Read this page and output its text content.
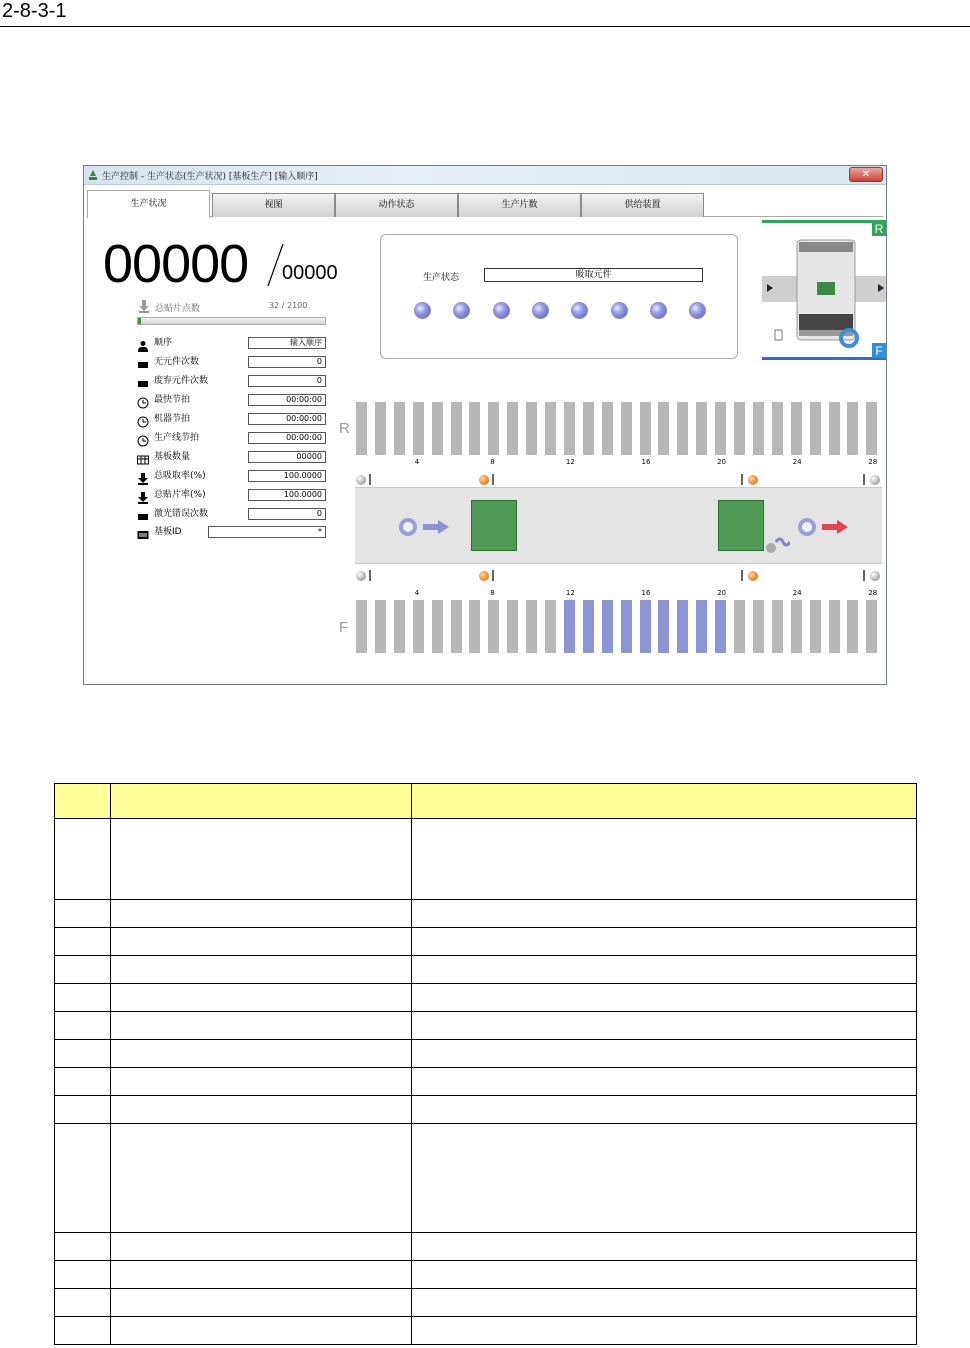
2-8-3-1
生产控制 - 生产状态(生产状况) [基板生产] [输入顺序]	✕
生产状况	视图	动作状态	生产片数	供给装置
00000 00000
总贴片点数	32 / 2100
顺序	输入顺序
无元件次数	0
废弃元件次数	0
最快节拍	00:00:00
机器节拍	00:00:00
生产线节拍	00:00:00
基板数量	00000
总吸取率(%)	100.0000
总贴片率(%)	100.0000
激光错误次数	0
基板ID	*
生产状态	吸取元件
R
F
R
F
4	8	12	16	20	24	28
4	8	12	16	20	24	28
